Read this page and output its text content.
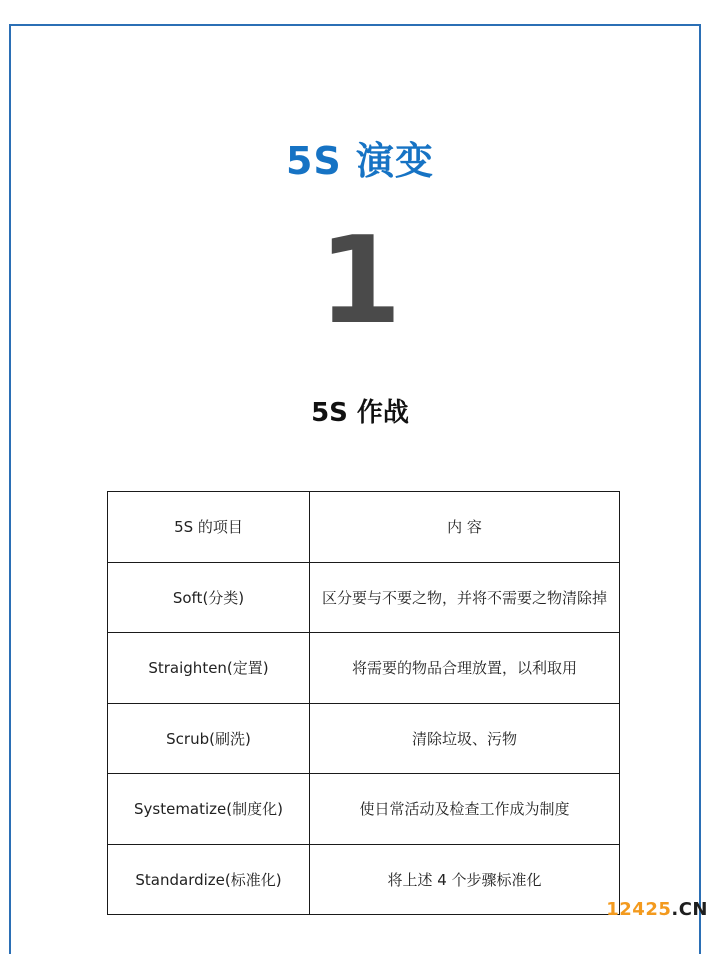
5S 演变
1
5S 作战
5S 的项目	内 容
Soft(分类)	区分要与不要之物，并将不需要之物清除掉
Straighten(定置)	将需要的物品合理放置，以利取用
Scrub(刷洗)	清除垃圾、污物
Systematize(制度化)	使日常活动及检查工作成为制度
Standardize(标准化)	将上述 4 个步骤标准化
12425.CN
